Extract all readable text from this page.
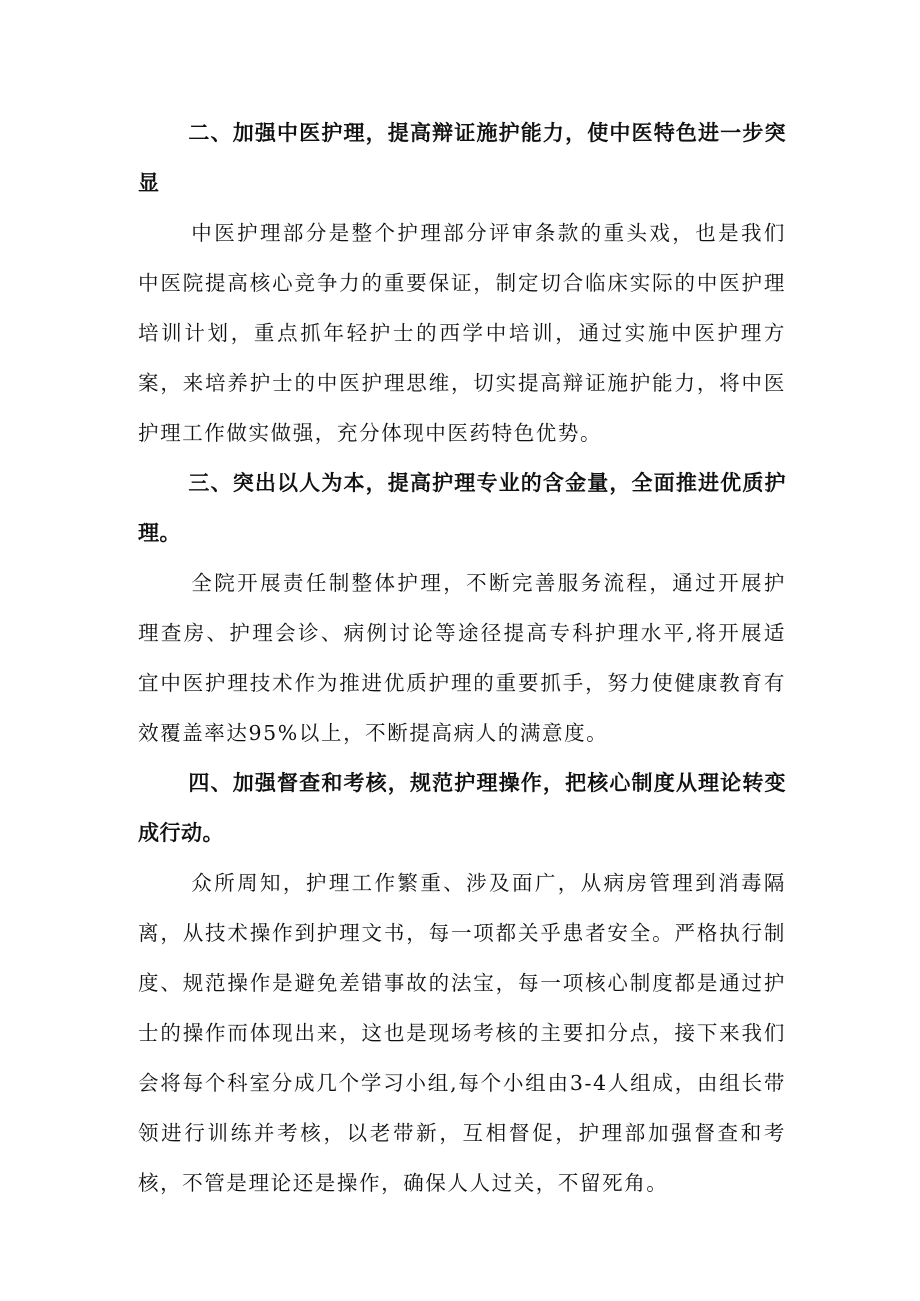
二、加强中医护理，提高辩证施护能力，使中医特色进一步突显

中医护理部分是整个护理部分评审条款的重头戏，也是我们中医院提高核心竞争力的重要保证，制定切合临床实际的中医护理培训计划，重点抓年轻护士的西学中培训，通过实施中医护理方案，来培养护士的中医护理思维，切实提高辩证施护能力，将中医护理工作做实做强，充分体现中医药特色优势。

三、突出以人为本，提高护理专业的含金量，全面推进优质护理。

全院开展责任制整体护理，不断完善服务流程，通过开展护理查房、护理会诊、病例讨论等途径提高专科护理水平,将开展适宜中医护理技术作为推进优质护理的重要抓手，努力使健康教育有效覆盖率达95%以上，不断提高病人的满意度。

四、加强督查和考核，规范护理操作，把核心制度从理论转变成行动。

众所周知，护理工作繁重、涉及面广，从病房管理到消毒隔离，从技术操作到护理文书，每一项都关乎患者安全。严格执行制度、规范操作是避免差错事故的法宝，每一项核心制度都是通过护士的操作而体现出来，这也是现场考核的主要扣分点，接下来我们会将每个科室分成几个学习小组,每个小组由3-4人组成，由组长带领进行训练并考核，以老带新，互相督促，护理部加强督查和考核，不管是理论还是操作，确保人人过关，不留死角。
